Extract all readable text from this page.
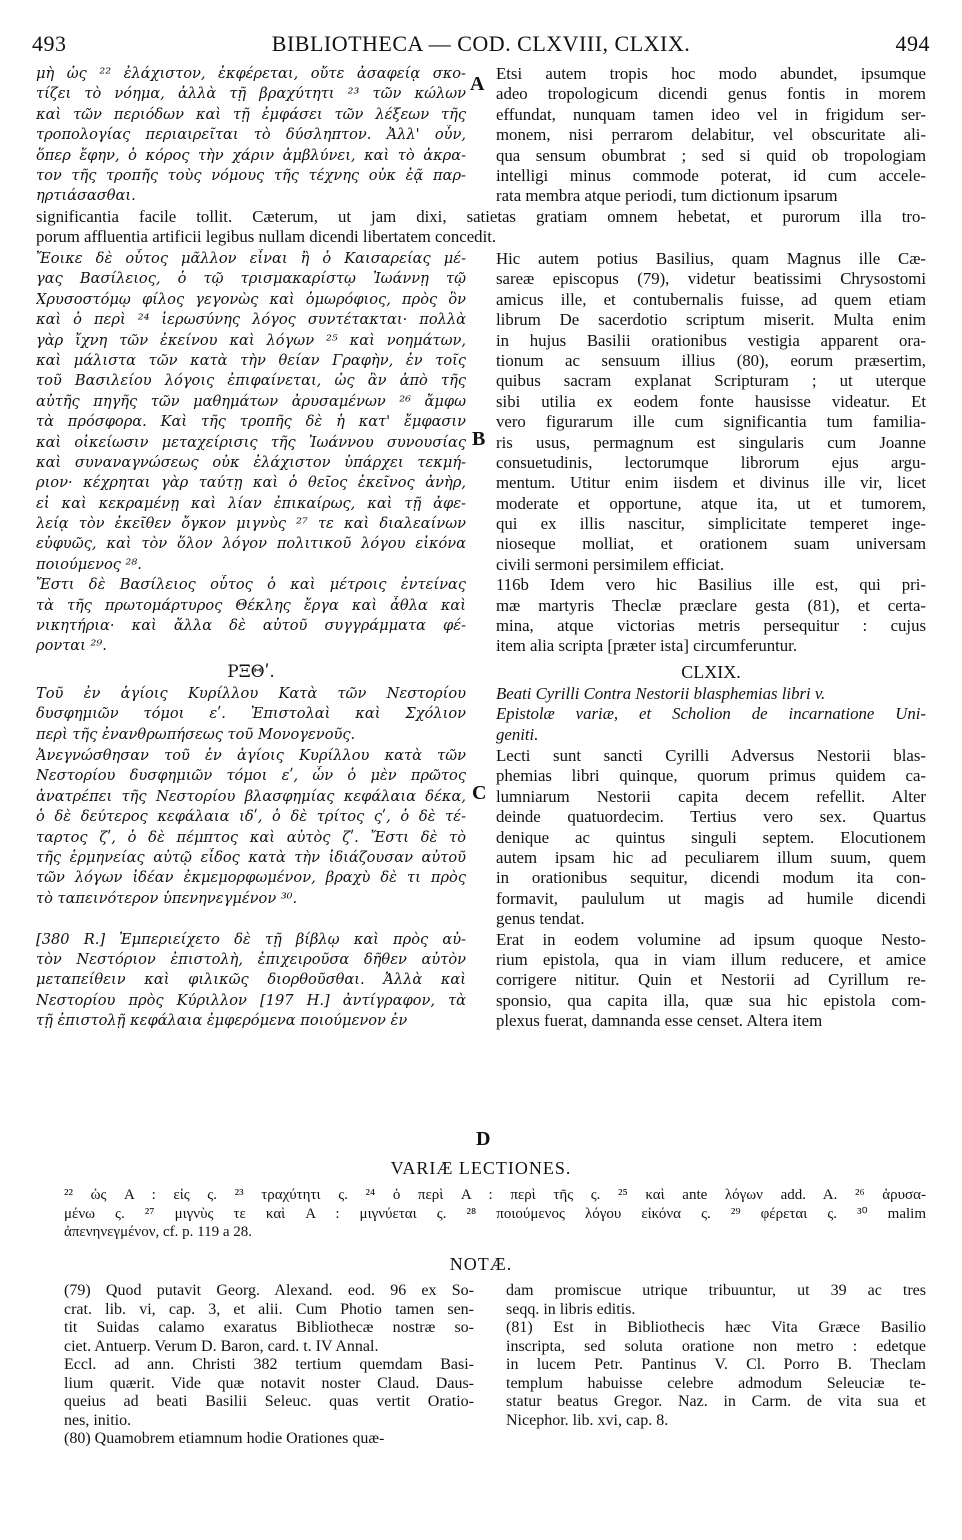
493	BIBLIOTHECA — COD. CLXVIII, CLXIX.	494
A
B
C
D
μὴ ὡς ²² ἐλάχιστον, ἐκφέρεται, οὔτε ἀσαφείᾳ σκο-
τίζει τὸ νόημα, ἀλλὰ τῇ βραχύτητι ²³ τῶν κώλων
καὶ τῶν περιόδων καὶ τῇ ἐμφάσει τῶν λέξεων τῆς
τροπολογίας περιαιρεῖται τὸ δύσληπτον. Ἀλλ' οὖν,
ὅπερ ἔφην, ὁ κόρος τὴν χάριν ἀμβλύνει, καὶ τὸ ἀκρα-
τον τῆς τροπῆς τοὺς νόμους τῆς τέχνης οὐκ ἐᾷ παρ-
ηρτιάσασθαι.
Etsi autem tropis hoc modo abundet, ipsumque
adeo tropologicum dicendi genus fontis in morem
effundat, nunquam tamen ideo vel in frigidum ser-
monem, nisi perrarom delabitur, vel obscuritate ali-
qua sensum obumbrat ; sed si quid ob tropologiam
intelligi minus commode poterat, id cum accele-
rata membra atque periodi, tum dictionum ipsarum
significantia facile tollit. Cæterum, ut jam dixi, satietas gratiam omnem hebetat, et purorum illa tro-
porum affluentia artificii legibus nullam dicendi libertatem concedit.
Ἔοικε δὲ οὗτος μᾶλλον εἶναι ἢ ὁ Καισαρείας μέ-
γας Βασίλειος, ὁ τῷ τρισμακαρίστῳ Ἰωάννῃ τῷ
Χρυσοστόμῳ φίλος γεγονὼς καὶ ὁμωρόφιος, πρὸς ὃν
καὶ ὁ περὶ ²⁴ ἱερωσύνης λόγος συντέτακται· πολλὰ
γὰρ ἴχνη τῶν ἐκείνου καὶ λόγων ²⁵ καὶ νοημάτων,
καὶ μάλιστα τῶν κατὰ τὴν θείαν Γραφὴν, ἐν τοῖς
τοῦ Βασιλείου λόγοις ἐπιφαίνεται, ὡς ἂν ἀπὸ τῆς
αὐτῆς πηγῆς τῶν μαθημάτων ἀρυσαμένων ²⁶ ἄμφω
τὰ πρόσφορα. Καὶ τῆς τροπῆς δὲ ἡ κατ' ἔμφασιν
καὶ οἰκείωσιν μεταχείρισις τῆς Ἰωάννου συνουσίας
καὶ συναναγνώσεως οὐκ ἐλάχιστον ὑπάρχει τεκμή-
ριον· κέχρηται γὰρ ταύτῃ καὶ ὁ θεῖος ἐκεῖνος ἀνὴρ,
εἰ καὶ κεκραμένῃ καὶ λίαν ἐπικαίρως, καὶ τῇ ἀφε-
λείᾳ τὸν ἐκεῖθεν ὄγκον μιγνὺς ²⁷ τε καὶ διαλεαίνων
εὐφυῶς, καὶ τὸν ὅλον λόγον πολιτικοῦ λόγου εἰκόνα
ποιούμενος ²⁸.
Ἔστι δὲ Βασίλειος οὗτος ὁ καὶ μέτροις ἐντείνας
τὰ τῆς πρωτομάρτυρος Θέκλης ἔργα καὶ ἆθλα καὶ
νικητήρια· καὶ ἄλλα δὲ αὐτοῦ συγγράμματα φέ-
ρονται ²⁹.
Hic autem potius Basilius, quam Magnus ille Cæ-
sareæ episcopus (79), videtur beatissimi Chrysostomi
amicus ille, et contubernalis fuisse, ad quem etiam
librum De sacerdotio scriptum miserit. Multa enim
in hujus Basilii orationibus vestigia apparent ora-
tionum ac sensuum illius (80), eorum præsertim,
quibus sacram explanat Scripturam ; ut uterque
sibi utilia ex eodem fonte hausisse videatur. Et
vero figurarum ille cum significantia tum familia-
ris usus, permagnum est singularis cum Joanne
consuetudinis, lectorumque librorum ejus argu-
mentum. Utitur enim iisdem et divinus ille vir, licet
moderate et opportune, atque ita, ut et tumorem,
qui ex illis nascitur, simplicitate temperet inge-
nioseque molliat, et orationem suam universam
civili sermoni persimilem efficiat.
116b Idem vero hic Basilius ille est, qui pri-
mæ martyris Theclæ præclare gesta (81), et certa-
mina, atque victorias metris persequitur : cujus
item alia scripta [præter ista] circumferuntur.
ΡΞΘʹ.	CLXIX.
Τοῦ ἐν ἁγίοις Κυρίλλου Κατὰ τῶν Νεστορίου
δυσφημιῶν τόμοι εʹ. Ἐπιστολαὶ καὶ Σχόλιον
περὶ τῆς ἐνανθρωπήσεως τοῦ Μονογενοῦς.
Beati Cyrilli Contra Nestorii blasphemias libri v.
Epistolæ variæ, et Scholion de incarnatione Uni-
geniti.
Ἀνεγνώσθησαν τοῦ ἐν ἁγίοις Κυρίλλου κατὰ τῶν
Νεστορίου δυσφημιῶν τόμοι εʹ, ὧν ὁ μὲν πρῶτος
ἀνατρέπει τῆς Νεστορίου βλασφημίας κεφάλαια δέκα,
ὁ δὲ δεύτερος κεφάλαια ιδʹ, ὁ δὲ τρίτος ςʹ, ὁ δὲ τέ-
ταρτος ζʹ, ὁ δὲ πέμπτος καὶ αὐτὸς ζʹ. Ἔστι δὲ τὸ
τῆς ἑρμηνείας αὐτῷ εἶδος κατὰ τὴν ἰδιάζουσαν αὐτοῦ
τῶν λόγων ἰδέαν ἐκμεμορφωμένον, βραχὺ δὲ τι πρὸς
τὸ ταπεινότερον ὑπενηνεγμένον ³⁰.
[380 R.] Ἐμπεριείχετο δὲ τῇ βίβλῳ καὶ πρὸς αὐ-
τὸν Νεστόριον ἐπιστολὴ, ἐπιχειροῦσα δῆθεν αὐτὸν
μεταπείθειν καὶ φιλικῶς διορθοῦσθαι. Ἀλλὰ καὶ
Νεστορίου πρὸς Κύριλλον [197 H.] ἀντίγραφον, τὰ
τῇ ἐπιστολῇ κεφάλαια ἐμφερόμενα ποιούμενον ἐν
Lecti sunt sancti Cyrilli Adversus Nestorii blas-
phemias libri quinque, quorum primus quidem ca-
lumniarum Nestorii capita decem refellit. Alter
deinde quatuordecim. Tertius vero sex. Quartus
denique ac quintus singuli septem. Elocutionem
autem ipsam hic ad peculiarem illum suum, quem
in orationibus sequitur, dicendi modum ita con-
formavit, paululum ut magis ad humile dicendi
genus tendat.
Erat in eodem volumine ad ipsum quoque Nesto-
rium epistola, qua in viam illum reducere, et amice
corrigere nititur. Quin et Nestorii ad Cyrillum re-
sponsio, qua capita illa, quæ sua hic epistola com-
plexus fuerat, damnanda esse censet. Altera item
VARIÆ LECTIONES.
²² ὡς A : εἰς ς. ²³ τραχύτητι ς. ²⁴ ὁ περὶ A : περὶ τῆς ς. ²⁵ καὶ ante λόγων add. A. ²⁶ ἀρυσα-
μένω ς. ²⁷ μιγνὺς τε καὶ A : μιγνύεται ς. ²⁸ ποιούμενος λόγου εἰκόνα ς. ²⁹ φέρεται ς. ³⁰ malim
ἀπενηνεγμένον, cf. p. 119 a 28.
NOTÆ.
(79) Quod putavit Georg. Alexand. eod. 96 ex So-
crat. lib. vi, cap. 3, et alii. Cum Photio tamen sen-
tit Suidas calamo exaratus Bibliothecæ nostræ so-
ciet. Antuerp. Verum D. Baron, card. t. IV Annal.
Eccl. ad ann. Christi 382 tertium quemdam Basi-
lium quærit. Vide quæ notavit noster Claud. Daus-
queius ad beati Basilii Seleuc. quas vertit Oratio-
nes, initio.
(80) Quamobrem etiamnum hodie Orationes quæ-
dam promiscue utrique tribuuntur, ut 39 ac tres
seqq. in libris editis.
(81) Est in Bibliothecis hæc Vita Græce Basilio
inscripta, sed soluta oratione non metro : edetque
in lucem Petr. Pantinus V. Cl. Porro B. Theclam
templum habuisse celebre admodum Seleuciæ te-
statur beatus Gregor. Naz. in Carm. de vita sua et
Nicephor. lib. xvi, cap. 8.
